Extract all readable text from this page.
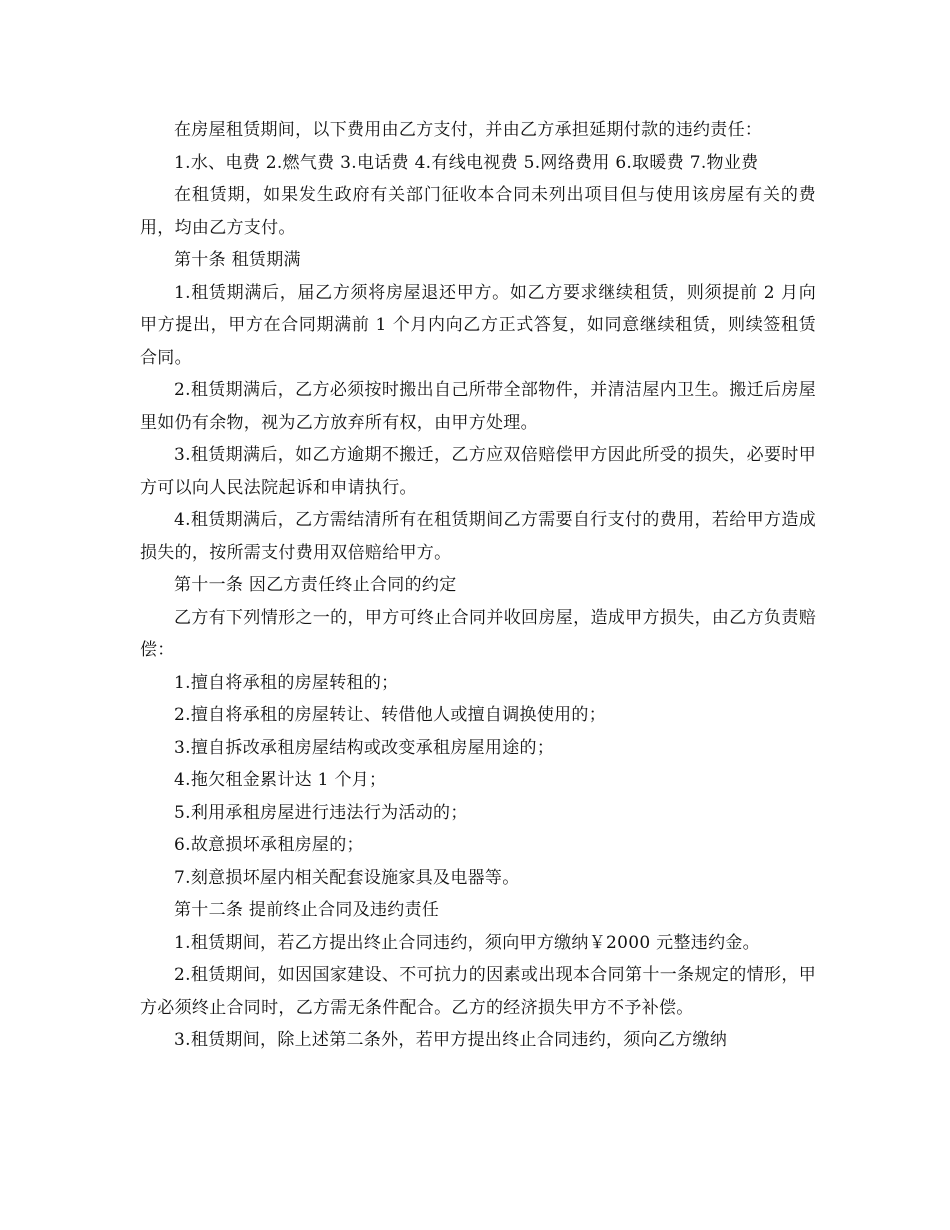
在房屋租赁期间，以下费用由乙方支付，并由乙方承担延期付款的违约责任：

1.水、电费 2.燃气费 3.电话费 4.有线电视费 5.网络费用 6.取暖费 7.物业费

在租赁期，如果发生政府有关部门征收本合同未列出项目但与使用该房屋有关的费用，均由乙方支付。

第十条 租赁期满

1.租赁期满后，届乙方须将房屋退还甲方。如乙方要求继续租赁，则须提前 2 月向甲方提出，甲方在合同期满前 1 个月内向乙方正式答复，如同意继续租赁，则续签租赁合同。

2.租赁期满后，乙方必须按时搬出自己所带全部物件，并清洁屋内卫生。搬迁后房屋里如仍有余物，视为乙方放弃所有权，由甲方处理。

3.租赁期满后，如乙方逾期不搬迁，乙方应双倍赔偿甲方因此所受的损失，必要时甲方可以向人民法院起诉和申请执行。

4.租赁期满后，乙方需结清所有在租赁期间乙方需要自行支付的费用，若给甲方造成损失的，按所需支付费用双倍赔给甲方。

第十一条 因乙方责任终止合同的约定

乙方有下列情形之一的，甲方可终止合同并收回房屋，造成甲方损失，由乙方负责赔偿：

1.擅自将承租的房屋转租的；

2.擅自将承租的房屋转让、转借他人或擅自调换使用的；

3.擅自拆改承租房屋结构或改变承租房屋用途的；

4.拖欠租金累计达 1 个月；

5.利用承租房屋进行违法行为活动的；

6.故意损坏承租房屋的；

7.刻意损坏屋内相关配套设施家具及电器等。

第十二条 提前终止合同及违约责任

1.租赁期间，若乙方提出终止合同违约，须向甲方缴纳￥2000 元整违约金。

2.租赁期间，如因国家建设、不可抗力的因素或出现本合同第十一条规定的情形，甲方必须终止合同时，乙方需无条件配合。乙方的经济损失甲方不予补偿。

3.租赁期间，除上述第二条外，若甲方提出终止合同违约，须向乙方缴纳
